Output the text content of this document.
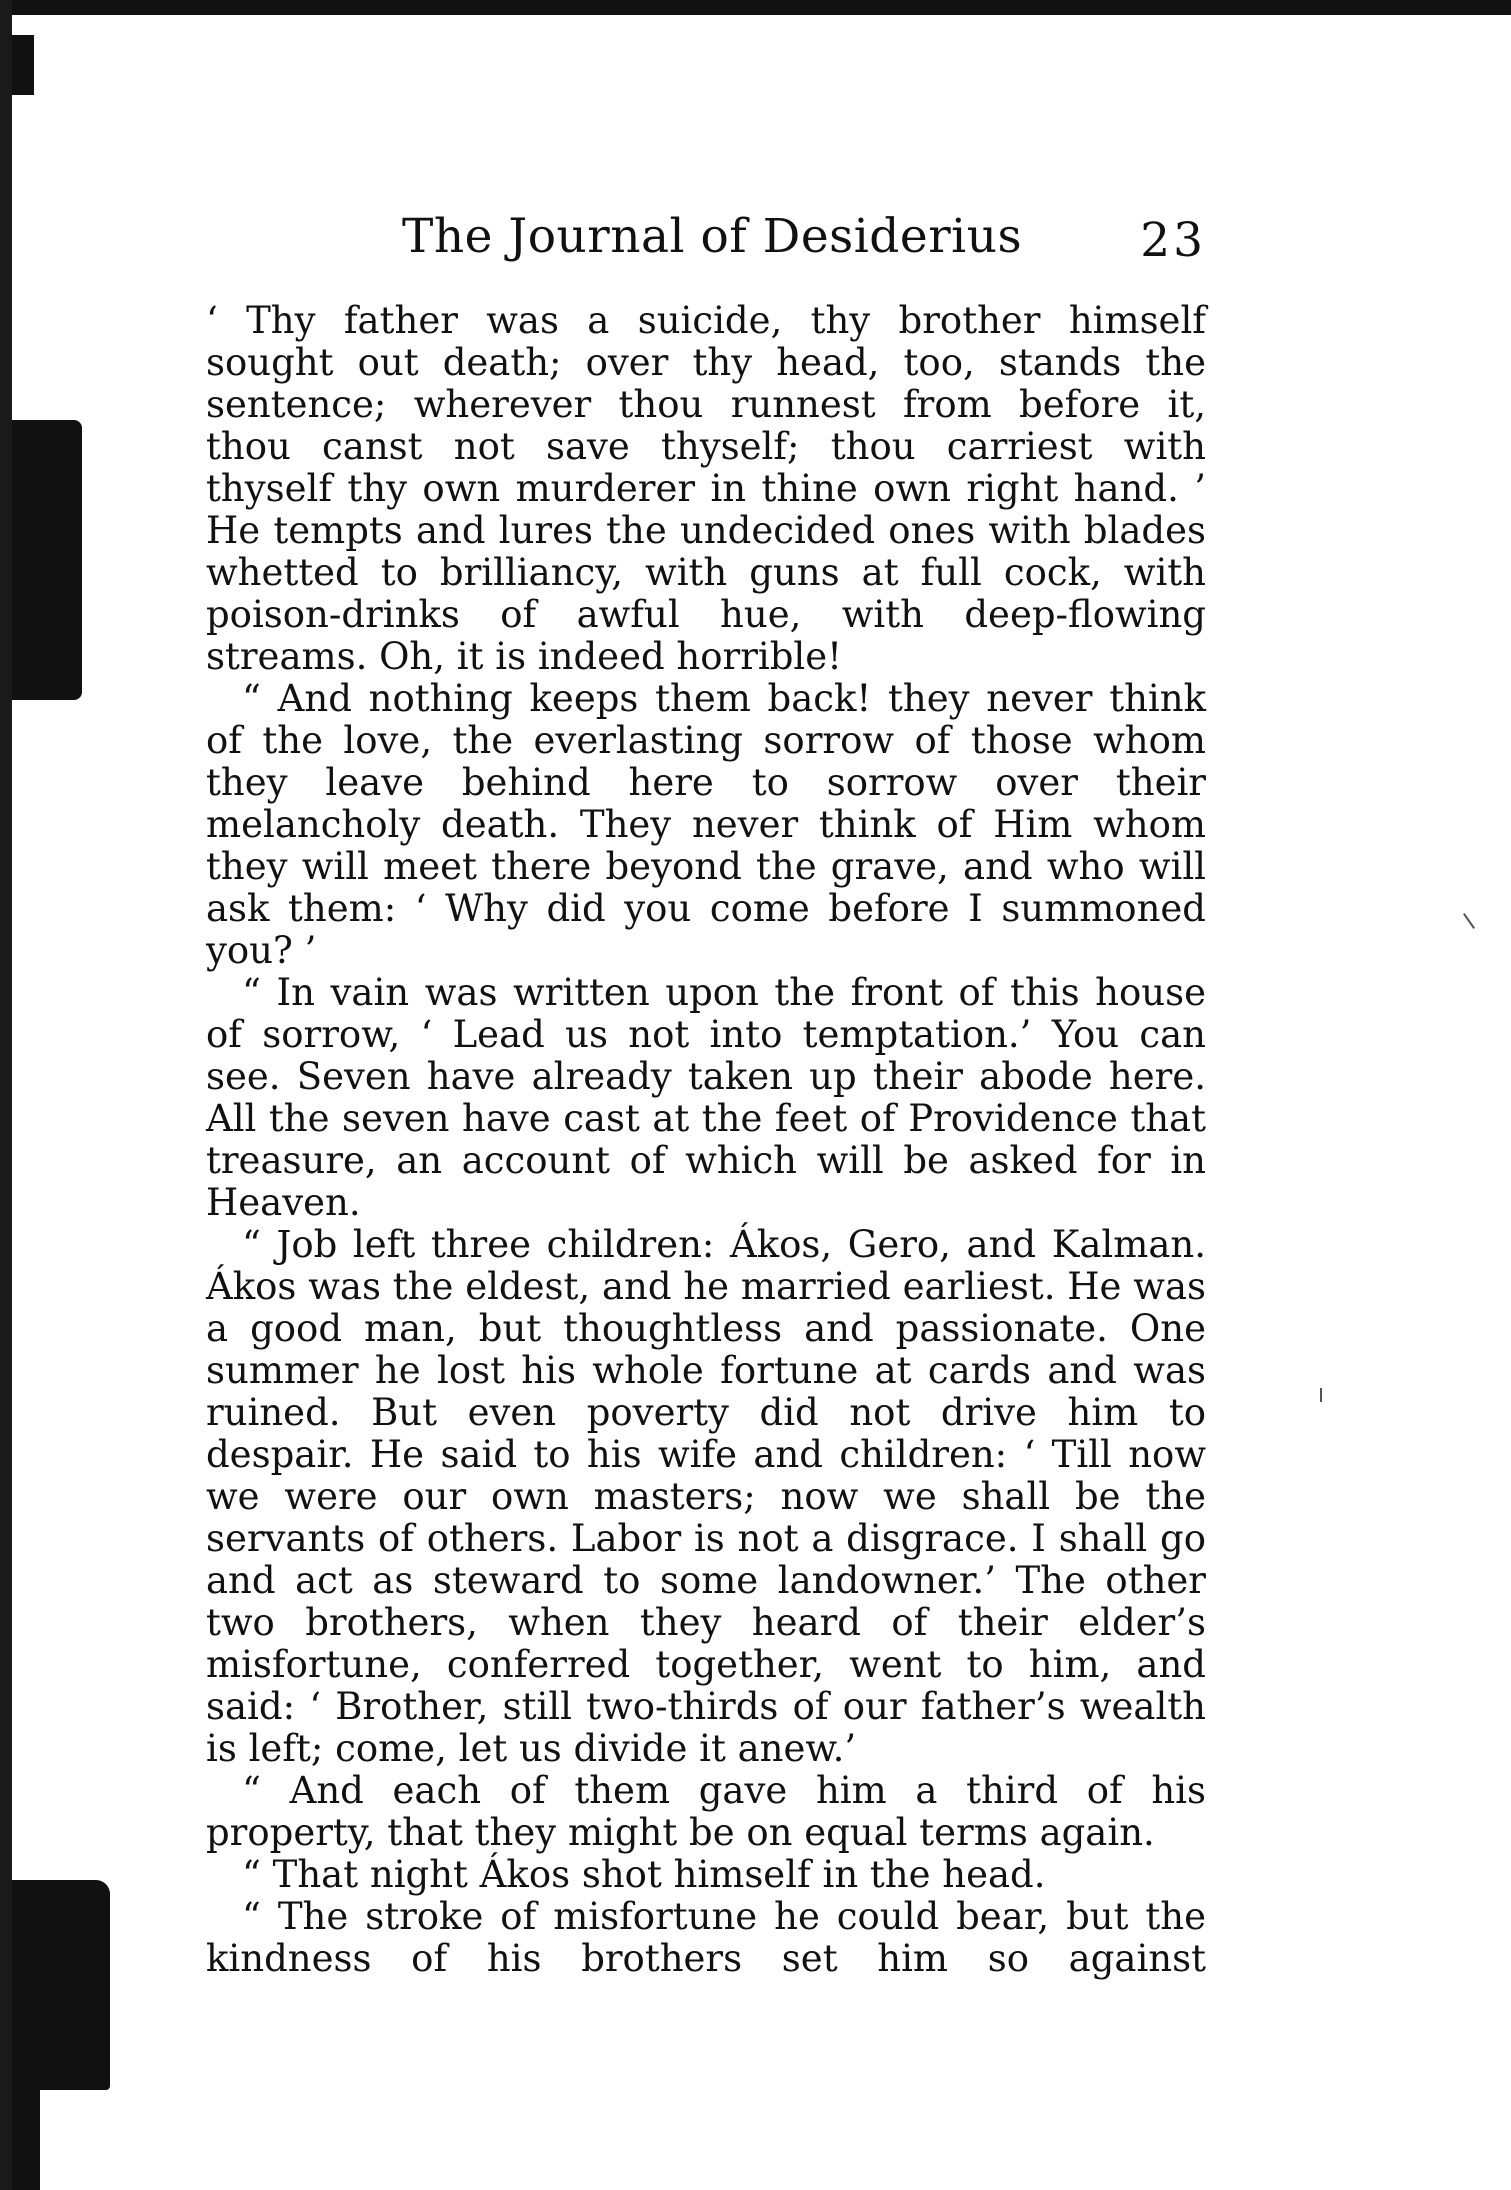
The Journal of Desiderius	23

‘ Thy father was a suicide, thy brother himself sought out death; over thy head, too, stands the sentence; wherever thou runnest from before it, thou canst not save thyself; thou carriest with thyself thy own murderer in thine own right hand. ’ He tempts and lures the undecided ones with blades whetted to brilliancy, with guns at full cock, with poison-drinks of awful hue, with deep-flowing streams. Oh, it is indeed horrible!

“ And nothing keeps them back! they never think of the love, the everlasting sorrow of those whom they leave behind here to sorrow over their melancholy death. They never think of Him whom they will meet there beyond the grave, and who will ask them: ‘ Why did you come before I summoned you? ’

“ In vain was written upon the front of this house of sorrow, ‘ Lead us not into temptation.’ You can see. Seven have already taken up their abode here. All the seven have cast at the feet of Providence that treasure, an account of which will be asked for in Heaven.

“ Job left three children: Ákos, Gero, and Kalman. Ákos was the eldest, and he married earliest. He was a good man, but thoughtless and passionate. One summer he lost his whole fortune at cards and was ruined. But even poverty did not drive him to despair. He said to his wife and children: ‘ Till now we were our own masters; now we shall be the servants of others. Labor is not a disgrace. I shall go and act as steward to some landowner.’ The other two brothers, when they heard of their elder’s misfortune, conferred together, went to him, and said: ‘ Brother, still two-thirds of our father’s wealth is left; come, let us divide it anew.’

“ And each of them gave him a third of his property, that they might be on equal terms again.

“ That night Ákos shot himself in the head.

“ The stroke of misfortune he could bear, but the kindness of his brothers set him so against
